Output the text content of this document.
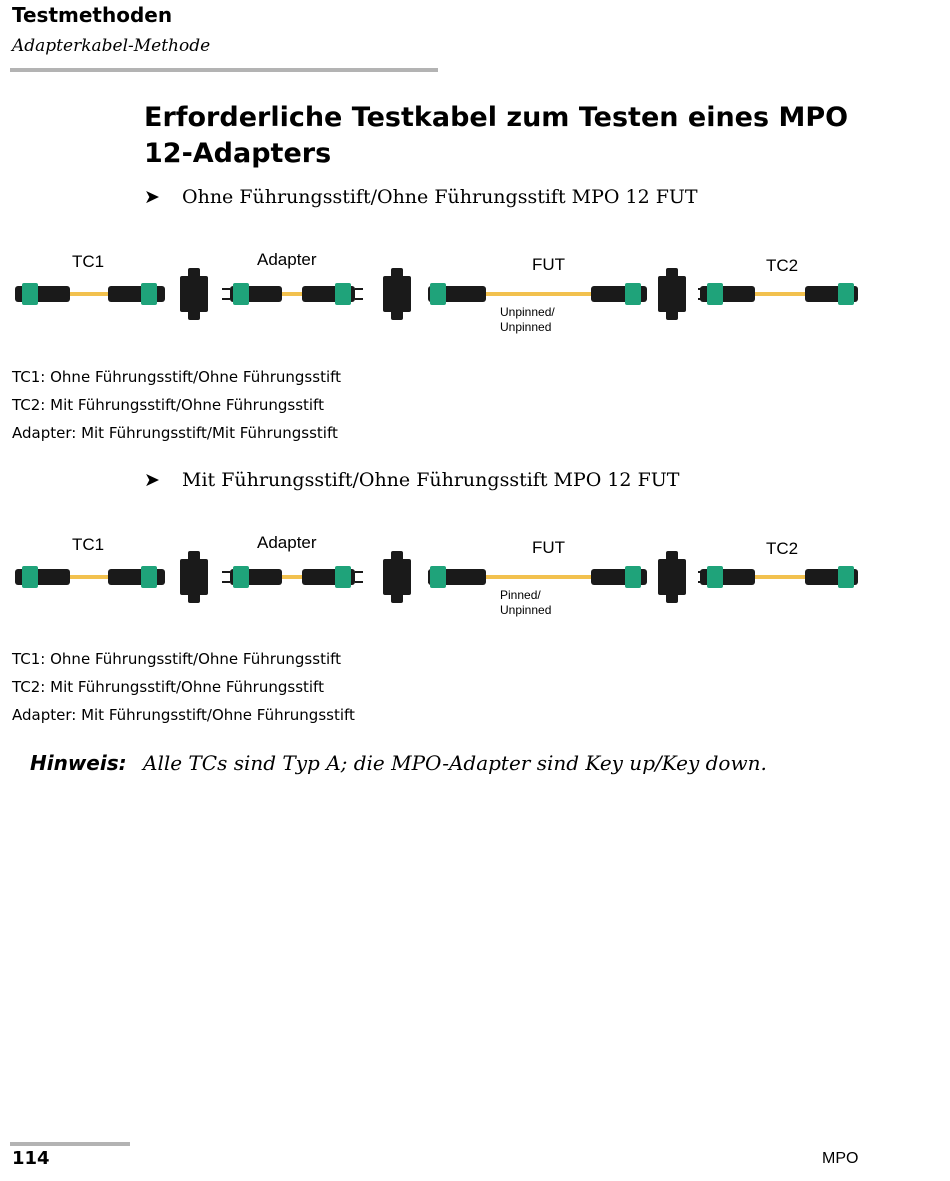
Testmethoden
Adapterkabel-Methode
Erforderliche Testkabel zum Testen eines MPO 12-Adapters
➤ Ohne Führungsstift/Ohne Führungsstift MPO 12 FUT
TC1	Adapter	FUT	TC2
Unpinned/
Unpinned
TC1: Ohne Führungsstift/Ohne Führungsstift
TC2: Mit Führungsstift/Ohne Führungsstift
Adapter: Mit Führungsstift/Mit Führungsstift
➤ Mit Führungsstift/Ohne Führungsstift MPO 12 FUT
TC1	Adapter	FUT	TC2
Pinned/
Unpinned
TC1: Ohne Führungsstift/Ohne Führungsstift
TC2: Mit Führungsstift/Ohne Führungsstift
Adapter: Mit Führungsstift/Ohne Führungsstift
Hinweis: Alle TCs sind Typ A; die MPO-Adapter sind Key up/Key down.
114	MPO
